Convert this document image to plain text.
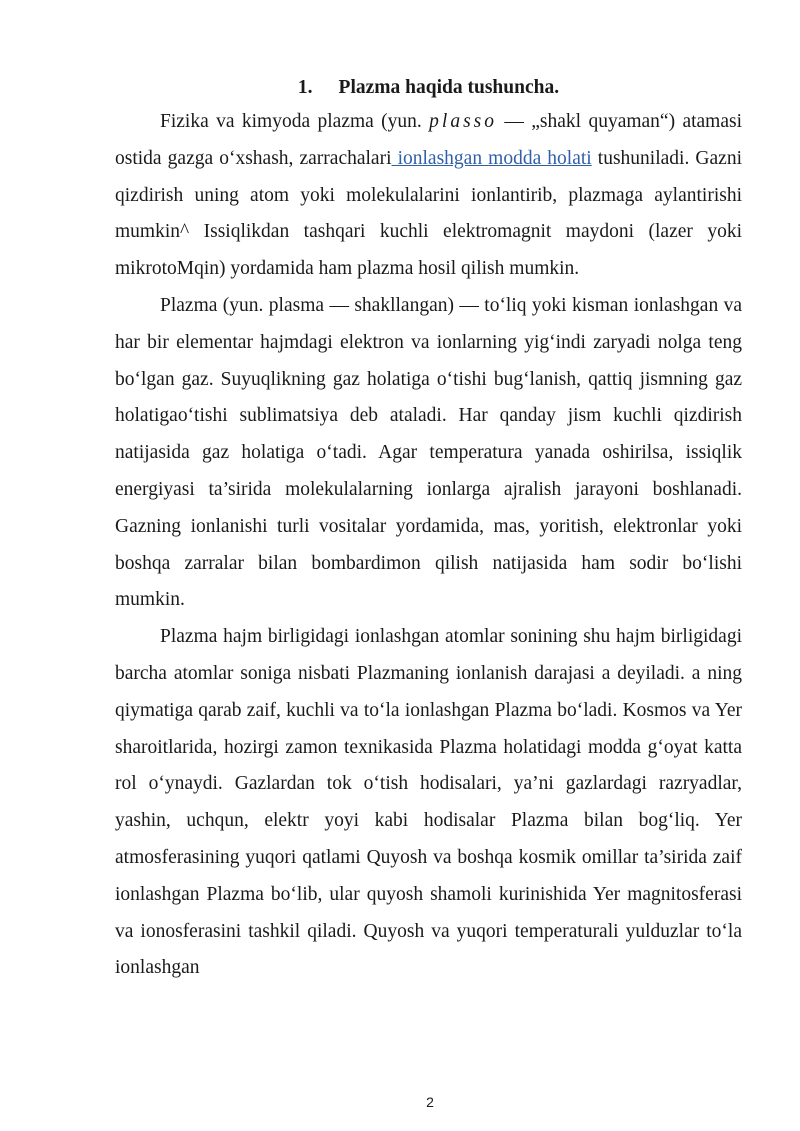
1. Plazma haqida tushuncha.

Fizika va kimyoda plazma (yun. plasso — „shakl quyaman“) atamasi ostida gazga o‘xshash, zarrachalari ionlashgan modda holati tushuniladi. Gazni qizdirish uning atom yoki molekulalarini ionlantirib, plazmaga aylantirishi mumkin^ Issiqlikdan tashqari kuchli elektromagnit maydoni (lazer yoki mikrotoMqin) yordamida ham plazma hosil qilish mumkin.

Plazma (yun. plasma — shakllangan) — to‘liq yoki kisman ionlashgan va har bir elementar hajmdagi elektron va ionlarning yig‘indi zaryadi nolga teng bo‘lgan gaz. Suyuqlikning gaz holatiga o‘tishi bug‘lanish, qattiq jismning gaz holatigao‘tishi sublimatsiya deb ataladi. Har qanday jism kuchli qizdirish natijasida gaz holatiga o‘tadi. Agar temperatura yanada oshirilsa, issiqlik energiyasi ta’sirida molekulalarning ionlarga ajralish jarayoni boshlanadi. Gazning ionlanishi turli vositalar yordamida, mas, yoritish, elektronlar yoki boshqa zarralar bilan bombardimon qilish natijasida ham sodir bo‘lishi mumkin.

Plazma hajm birligidagi ionlashgan atomlar sonining shu hajm birligidagi barcha atomlar soniga nisbati Plazmaning ionlanish darajasi a deyiladi. a ning qiymatiga qarab zaif, kuchli va to‘la ionlashgan Plazma bo‘ladi. Kosmos va Yer sharoitlarida, hozirgi zamon texnikasida Plazma holatidagi modda g‘oyat katta rol o‘ynaydi. Gazlardan tok o‘tish hodisalari, ya’ni gazlardagi razryadlar, yashin, uchqun, elektr yoyi kabi hodisalar Plazma bilan bog‘liq. Yer atmosferasining yuqori qatlami Quyosh va boshqa kosmik omillar ta’sirida zaif ionlashgan Plazma bo‘lib, ular quyosh shamoli kurinishida Yer magnitosferasi va ionosferasini tashkil qiladi. Quyosh va yuqori temperaturali yulduzlar to‘la ionlashgan

2
